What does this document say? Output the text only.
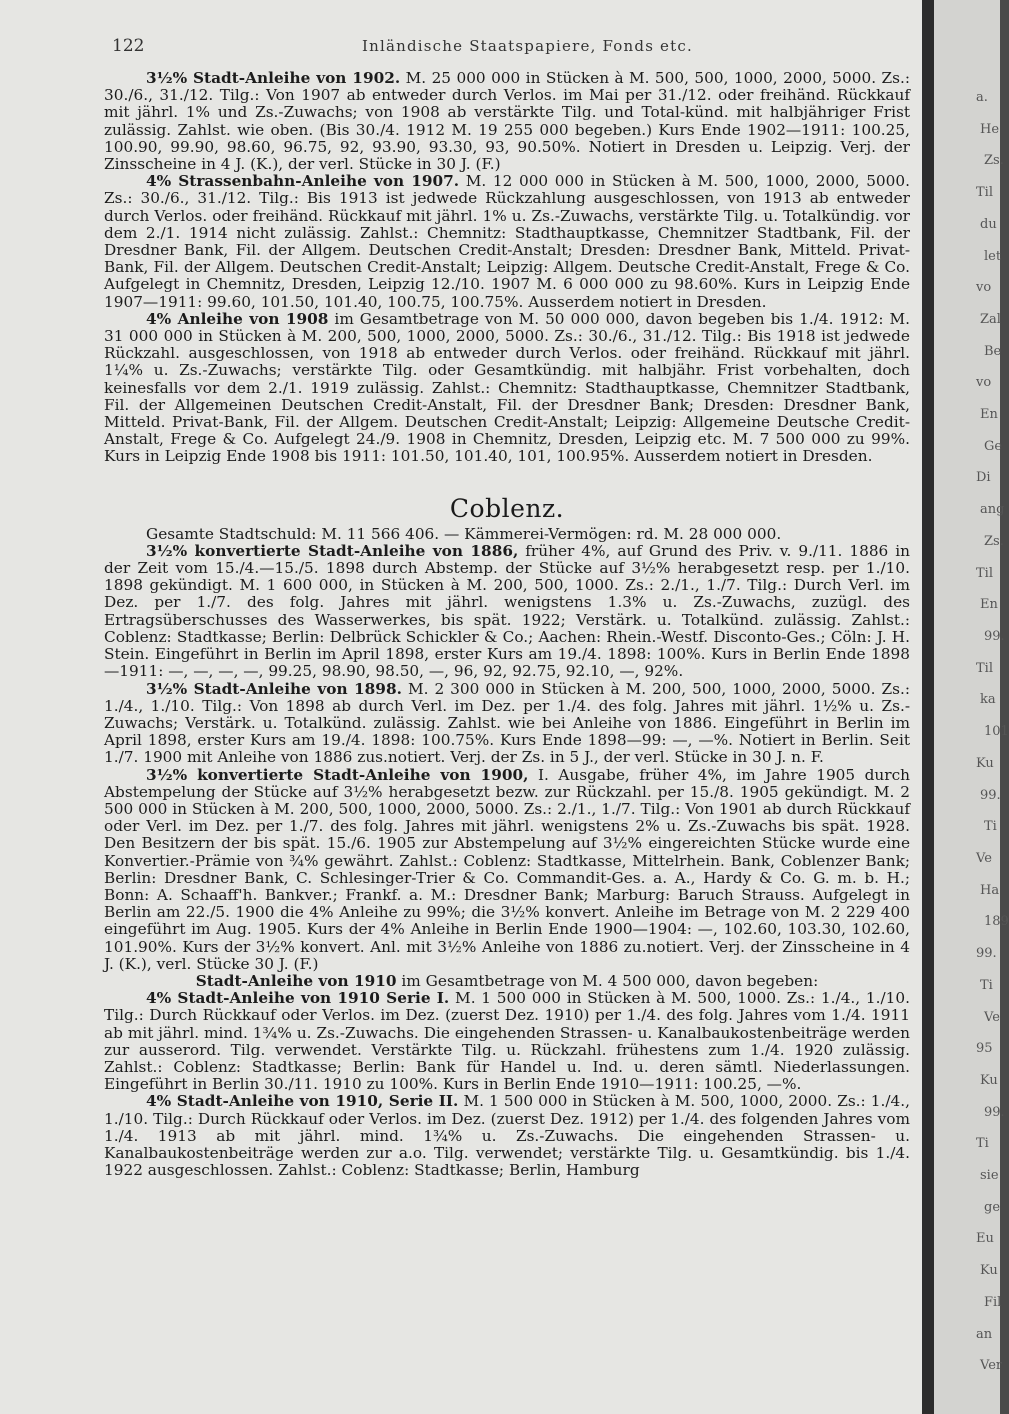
122	Inländische Staatspapiere, Fonds etc.

3½% Stadt-Anleihe von 1902. M. 25 000 000 in Stücken à M. 500, 500, 1000, 2000, 5000. Zs.: 30./6., 31./12. Tilg.: Von 1907 ab entweder durch Verlos. im Mai per 31./12. oder freihänd. Rückkauf mit jährl. 1% und Zs.-Zuwachs; von 1908 ab verstärkte Tilg. und Total-künd. mit halbjähriger Frist zulässig. Zahlst. wie oben. (Bis 30./4. 1912 M. 19 255 000 begeben.) Kurs Ende 1902—1911: 100.25, 100.90, 99.90, 98.60, 96.75, 92, 93.90, 93.30, 93, 90.50%. Notiert in Dresden u. Leipzig. Verj. der Zinsscheine in 4 J. (K.), der verl. Stücke in 30 J. (F.)

4% Strassenbahn-Anleihe von 1907. M. 12 000 000 in Stücken à M. 500, 1000, 2000, 5000. Zs.: 30./6., 31./12. Tilg.: Bis 1913 ist jedwede Rückzahlung ausgeschlossen, von 1913 ab entweder durch Verlos. oder freihänd. Rückkauf mit jährl. 1% u. Zs.-Zuwachs, verstärkte Tilg. u. Totalkündig. vor dem 2./1. 1914 nicht zulässig. Zahlst.: Chemnitz: Stadthauptkasse, Chemnitzer Stadtbank, Fil. der Dresdner Bank, Fil. der Allgem. Deutschen Credit-Anstalt; Dresden: Dresdner Bank, Mitteld. Privat-Bank, Fil. der Allgem. Deutschen Credit-Anstalt; Leipzig: Allgem. Deutsche Credit-Anstalt, Frege & Co. Aufgelegt in Chemnitz, Dresden, Leipzig 12./10. 1907 M. 6 000 000 zu 98.60%. Kurs in Leipzig Ende 1907—1911: 99.60, 101.50, 101.40, 100.75, 100.75%. Ausserdem notiert in Dresden.

4% Anleihe von 1908 im Gesamtbetrage von M. 50 000 000, davon begeben bis 1./4. 1912: M. 31 000 000 in Stücken à M. 200, 500, 1000, 2000, 5000. Zs.: 30./6., 31./12. Tilg.: Bis 1918 ist jedwede Rückzahl. ausgeschlossen, von 1918 ab entweder durch Verlos. oder freihänd. Rückkauf mit jährl. 1¼% u. Zs.-Zuwachs; verstärkte Tilg. oder Gesamtkündig. mit halbjähr. Frist vorbehalten, doch keinesfalls vor dem 2./1. 1919 zulässig. Zahlst.: Chemnitz: Stadthauptkasse, Chemnitzer Stadtbank, Fil. der Allgemeinen Deutschen Credit-Anstalt, Fil. der Dresdner Bank; Dresden: Dresdner Bank, Mitteld. Privat-Bank, Fil. der Allgem. Deutschen Credit-Anstalt; Leipzig: Allgemeine Deutsche Credit-Anstalt, Frege & Co. Aufgelegt 24./9. 1908 in Chemnitz, Dresden, Leipzig etc. M. 7 500 000 zu 99%. Kurs in Leipzig Ende 1908 bis 1911: 101.50, 101.40, 101, 100.95%. Ausserdem notiert in Dresden.

Coblenz.

Gesamte Stadtschuld: M. 11 566 406. — Kämmerei-Vermögen: rd. M. 28 000 000.

3½% konvertierte Stadt-Anleihe von 1886, früher 4%, auf Grund des Priv. v. 9./11. 1886 in der Zeit vom 15./4.—15./5. 1898 durch Abstemp. der Stücke auf 3½% herabgesetzt resp. per 1./10. 1898 gekündigt. M. 1 600 000, in Stücken à M. 200, 500, 1000. Zs.: 2./1., 1./7. Tilg.: Durch Verl. im Dez. per 1./7. des folg. Jahres mit jährl. wenigstens 1.3% u. Zs.-Zuwachs, zuzügl. des Ertragsüberschusses des Wasserwerkes, bis spät. 1922; Verstärk. u. Totalkünd. zulässig. Zahlst.: Coblenz: Stadtkasse; Berlin: Delbrück Schickler & Co.; Aachen: Rhein.-Westf. Disconto-Ges.; Cöln: J. H. Stein. Eingeführt in Berlin im April 1898, erster Kurs am 19./4. 1898: 100%. Kurs in Berlin Ende 1898—1911: —, —, —, —, 99.25, 98.90, 98.50, —, 96, 92, 92.75, 92.10, —, 92%.

3½% Stadt-Anleihe von 1898. M. 2 300 000 in Stücken à M. 200, 500, 1000, 2000, 5000. Zs.: 1./4., 1./10. Tilg.: Von 1898 ab durch Verl. im Dez. per 1./4. des folg. Jahres mit jährl. 1½% u. Zs.-Zuwachs; Verstärk. u. Totalkünd. zulässig. Zahlst. wie bei Anleihe von 1886. Eingeführt in Berlin im April 1898, erster Kurs am 19./4. 1898: 100.75%. Kurs Ende 1898—99: —, —%. Notiert in Berlin. Seit 1./7. 1900 mit Anleihe von 1886 zus.notiert. Verj. der Zs. in 5 J., der verl. Stücke in 30 J. n. F.

3½% konvertierte Stadt-Anleihe von 1900, I. Ausgabe, früher 4%, im Jahre 1905 durch Abstempelung der Stücke auf 3½% herabgesetzt bezw. zur Rückzahl. per 15./8. 1905 gekündigt. M. 2 500 000 in Stücken à M. 200, 500, 1000, 2000, 5000. Zs.: 2./1., 1./7. Tilg.: Von 1901 ab durch Rückkauf oder Verl. im Dez. per 1./7. des folg. Jahres mit jährl. wenigstens 2% u. Zs.-Zuwachs bis spät. 1928. Den Besitzern der bis spät. 15./6. 1905 zur Abstempelung auf 3½% eingereichten Stücke wurde eine Konvertier.-Prämie von ¾% gewährt. Zahlst.: Coblenz: Stadtkasse, Mittelrhein. Bank, Coblenzer Bank; Berlin: Dresdner Bank, C. Schlesinger-Trier & Co. Commandit-Ges. a. A., Hardy & Co. G. m. b. H.; Bonn: A. Schaaff'h. Bankver.; Frankf. a. M.: Dresdner Bank; Marburg: Baruch Strauss. Aufgelegt in Berlin am 22./5. 1900 die 4% Anleihe zu 99%; die 3½% konvert. Anleihe im Betrage von M. 2 229 400 eingeführt im Aug. 1905. Kurs der 4% Anleihe in Berlin Ende 1900—1904: —, 102.60, 103.30, 102.60, 101.90%. Kurs der 3½% konvert. Anl. mit 3½% Anleihe von 1886 zu.notiert. Verj. der Zinsscheine in 4 J. (K.), verl. Stücke 30 J. (F.)

Stadt-Anleihe von 1910 im Gesamtbetrage von M. 4 500 000, davon begeben:

4% Stadt-Anleihe von 1910 Serie I. M. 1 500 000 in Stücken à M. 500, 1000. Zs.: 1./4., 1./10. Tilg.: Durch Rückkauf oder Verlos. im Dez. (zuerst Dez. 1910) per 1./4. des folg. Jahres vom 1./4. 1911 ab mit jährl. mind. 1¾% u. Zs.-Zuwachs. Die eingehenden Strassen- u. Kanalbaukostenbeiträge werden zur ausserord. Tilg. verwendet. Verstärkte Tilg. u. Rückzahl. frühestens zum 1./4. 1920 zulässig. Zahlst.: Coblenz: Stadtkasse; Berlin: Bank für Handel u. Ind. u. deren sämtl. Niederlassungen. Eingeführt in Berlin 30./11. 1910 zu 100%. Kurs in Berlin Ende 1910—1911: 100.25, —%.

4% Stadt-Anleihe von 1910, Serie II. M. 1 500 000 in Stücken à M. 500, 1000, 2000. Zs.: 1./4., 1./10. Tilg.: Durch Rückkauf oder Verlos. im Dez. (zuerst Dez. 1912) per 1./4. des folgenden Jahres vom 1./4. 1913 ab mit jährl. mind. 1¾% u. Zs.-Zuwachs. Die eingehenden Strassen- u. Kanalbaukostenbeiträge werden zur a.o. Tilg. verwendet; verstärkte Tilg. u. Gesamtkündig. bis 1./4. 1922 ausgeschlossen. Zahlst.: Coblenz: Stadtkasse; Berlin, Hamburg

a.
He
Zs.
Til
du
let
vo
Zal
Be
vo
En
Ge
Di
ang
Zs.
Til
En
99.
Til
ka
101
Ku
99.
Ti
Ve
Ha
189
99.
Ti
Ve
95
Ku
99.
Ti
sie
ge
Eu
Ku
Fil
an
Ver
